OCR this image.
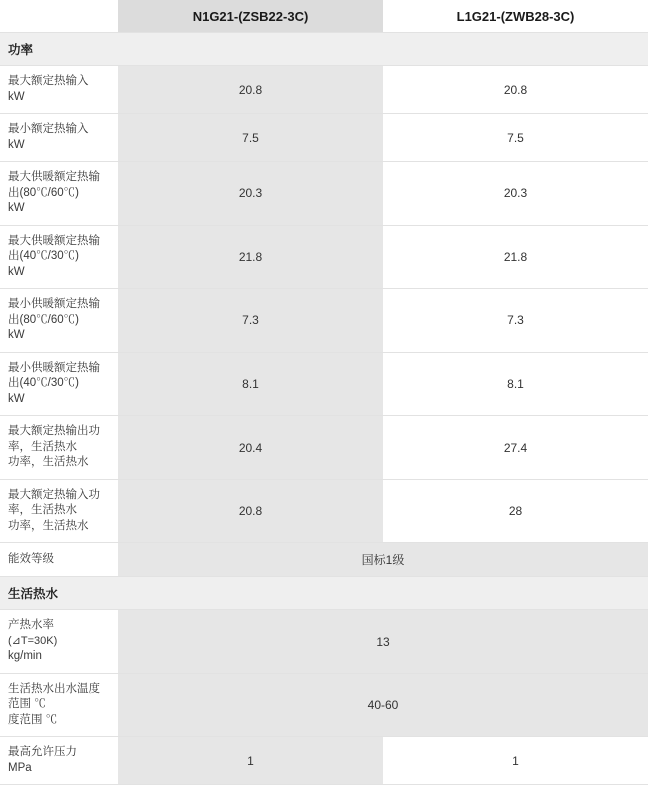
	N1G21-(ZSB22-3C)	L1G21-(ZWB28-3C)
功率		
最大额定热输入
kW	20.8	20.8
最小额定热输入
kW	7.5	7.5
最大供暖额定热输出(80℃/60℃)
kW	20.3	20.3
最大供暖额定热输出(40℃/30℃)
kW	21.8	21.8
最小供暖额定热输出(80℃/60℃)
kW	7.3	7.3
最小供暖额定热输出(40℃/30℃)
kW	8.1	8.1
最大额定热输出功率，生活热水
功率，生活热水	20.4	27.4
最大额定热输入功率，生活热水
功率，生活热水	20.8	28
能效等级	国标1级	
生活热水		
产热水率
(⊿T=30K)
kg/min	13	
生活热水出水温度范围 ℃
度范围 ℃	40-60	
最高允许压力
MPa	1	1
